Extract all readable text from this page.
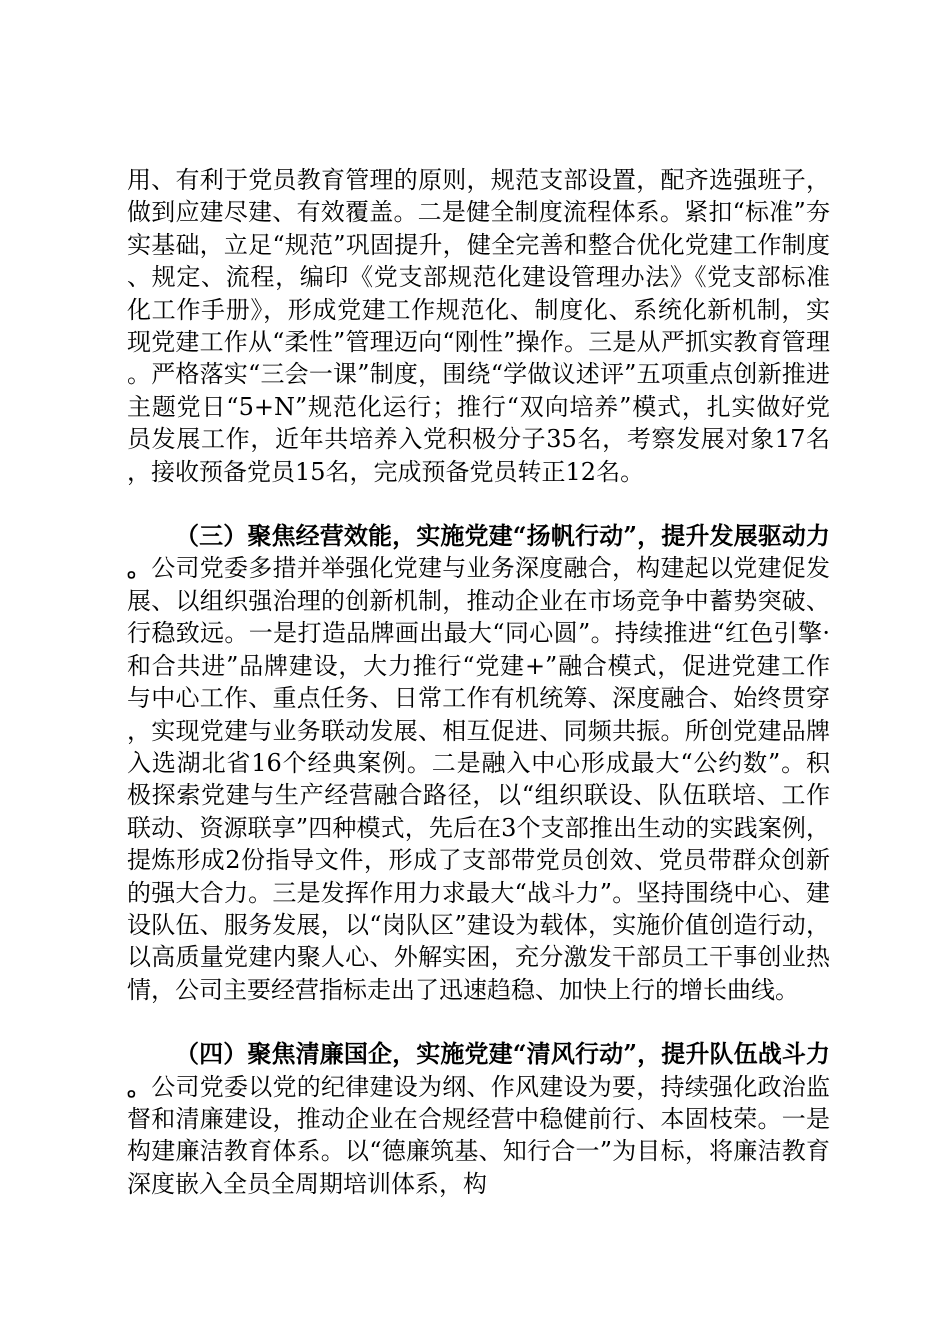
用、有利于党员教育管理的原则，规范支部设置，配齐选强班子，做到应建尽建、有效覆盖。二是健全制度流程体系。紧扣“标准”夯实基础，立足“规范”巩固提升，健全完善和整合优化党建工作制度、规定、流程，编印《党支部规范化建设管理办法》《党支部标准化工作手册》，形成党建工作规范化、制度化、系统化新机制，实现党建工作从“柔性”管理迈向“刚性”操作。三是从严抓实教育管理。严格落实“三会一课”制度，围绕“学做议述评”五项重点创新推进主题党日“5+N”规范化运行；推行“双向培养”模式，扎实做好党员发展工作，近年共培养入党积极分子35名，考察发展对象17名，接收预备党员15名，完成预备党员转正12名。

（三）聚焦经营效能，实施党建“扬帆行动”，提升发展驱动力。公司党委多措并举强化党建与业务深度融合，构建起以党建促发展、以组织强治理的创新机制，推动企业在市场竞争中蓄势突破、行稳致远。一是打造品牌画出最大“同心圆”。持续推进“红色引擎·和合共进”品牌建设，大力推行“党建+”融合模式，促进党建工作与中心工作、重点任务、日常工作有机统筹、深度融合、始终贯穿，实现党建与业务联动发展、相互促进、同频共振。所创党建品牌入选湖北省16个经典案例。二是融入中心形成最大“公约数”。积极探索党建与生产经营融合路径，以“组织联设、队伍联培、工作联动、资源联享”四种模式，先后在3个支部推出生动的实践案例，提炼形成2份指导文件，形成了支部带党员创效、党员带群众创新的强大合力。三是发挥作用力求最大“战斗力”。坚持围绕中心、建设队伍、服务发展，以“岗队区”建设为载体，实施价值创造行动，以高质量党建内聚人心、外解实困，充分激发干部员工干事创业热情，公司主要经营指标走出了迅速趋稳、加快上行的增长曲线。

（四）聚焦清廉国企，实施党建“清风行动”，提升队伍战斗力。公司党委以党的纪律建设为纲、作风建设为要，持续强化政治监督和清廉建设，推动企业在合规经营中稳健前行、本固枝荣。一是构建廉洁教育体系。以“德廉筑基、知行合一”为目标，将廉洁教育深度嵌入全员全周期培训体系，构
